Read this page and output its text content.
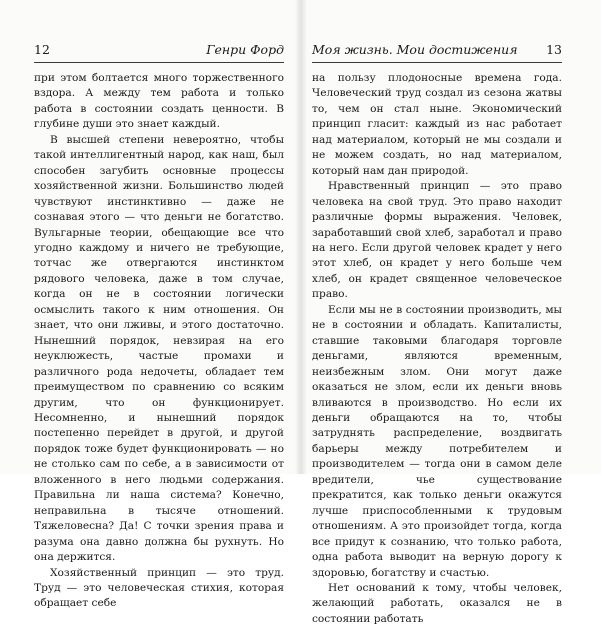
12	Генри Форд

при этом болтается много торжественного вздора. А между тем работа и только работа в состоянии создать ценности. В глубине души это знает каждый.

В высшей степени невероятно, чтобы такой интеллигентный народ, как наш, был способен загубить основные процессы хозяйственной жизни. Большинство людей чувствуют инстинктивно — даже не сознавая этого — что деньги не богатство. Вульгарные теории, обещающие все что угодно каждому и ничего не требующие, тотчас же отвергаются инстинктом рядового человека, даже в том случае, когда он не в состоянии логически осмыслить такого к ним отношения. Он знает, что они лживы, и этого достаточно. Нынешний порядок, невзирая на его неуклюжесть, частые промахи и различного рода недочеты, обладает тем преимуществом по сравнению со всяким другим, что он функционирует. Несомненно, и нынешний порядок постепенно перейдет в другой, и другой порядок тоже будет функционировать — но не столько сам по себе, а в зависимости от вложенного в него людьми содержания. Правильна ли наша система? Конечно, неправильна в тысяче отношений. Тяжеловесна? Да! С точки зрения права и разума она давно должна бы рухнуть. Но она держится.

Хозяйственный принцип — это труд. Труд — это человеческая стихия, которая обращает себе

Моя жизнь. Мои достижения 13

на пользу плодоносные времена года. Человеческий труд создал из сезона жатвы то, чем он стал ныне. Экономический принцип гласит: каждый из нас работает над материалом, который не мы создали и не можем создать, но над материалом, который нам дан природой.

Нравственный принцип — это право человека на свой труд. Это право находит различные формы выражения. Человек, заработавший свой хлеб, заработал и право на него. Если другой человек крадет у него этот хлеб, он крадет у него больше чем хлеб, он крадет священное человеческое право.

Если мы не в состоянии производить, мы не в состоянии и обладать. Капиталисты, ставшие таковыми благодаря торговле деньгами, являются временным, неизбежным злом. Они могут даже оказаться не злом, если их деньги вновь вливаются в производство. Но если их деньги обращаются на то, чтобы затруднять распределение, воздвигать барьеры между потребителем и производителем — тогда они в самом деле вредители, чье существование прекратится, как только деньги окажутся лучше приспособленными к трудовым отношениям. А это произойдет тогда, когда все придут к сознанию, что только работа, одна работа выводит на верную дорогу к здоровью, богатству и счастью.

Нет оснований к тому, чтобы человек, желающий работать, оказался не в состоянии работать
